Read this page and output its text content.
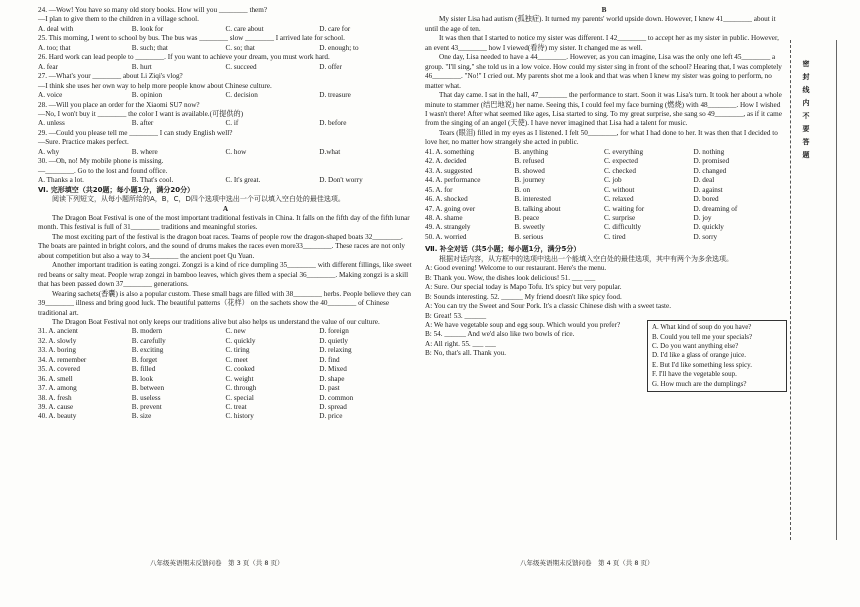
24. —Wow! You have so many old story books. How will you ________ them?

—I plan to give them to the children in a village school.

A. deal with	B. look for	C. care about	D. care for

25. This morning, I went to school by bus. The bus was ________ slow ________ I arrived late for school.

A. too; that	B. such; that	C. so; that	D. enough; to

26. Hard work can lead people to ________. If you want to achieve your dream, you must work hard.

A. fear	B. hurt	C. succeed	D. offer

27. —What's your ________ about Li Ziqi's vlog?

—I think she uses her own way to help more people know about Chinese culture.

A. voice	B. opinion	C. decision	D. treasure

28. —Will you place an order for the Xiaomi SU7 now?

—No, I won't buy it ________ the color I want is available.(可提供的)

A. unless	B. after	C. if	D. before

29. —Could you please tell me ________ I can study English well?

—Sure. Practice makes perfect.

A. why	B. where	C. how	D.what

30. —Oh, no! My mobile phone is missing.

—________. Go to the lost and found office.

A. Thanks a lot.	B. That's cool.	C. It's great.	D. Don't worry

Ⅵ. 完形填空（共20题；每小题1分，满分20分）

阅读下列短文，从每小题所给的A，B，C，D四个选项中选出一个可以填入空白处的最佳选项。

A

The Dragon Boat Festival is one of the most important traditional festivals in China. It falls on the fifth day of the fifth lunar month. This festival is full of 31________ traditions and meaningful stories.

The most exciting part of the festival is the dragon boat races. Teams of people row the dragon-shaped boats 32________. The boats are painted in bright colors, and the sound of drums makes the races even more33________. These races are not only about competition but also a way to 34________ the ancient poet Qu Yuan.

Another important tradition is eating zongzi. Zongzi is a kind of rice dumpling 35________ with different fillings, like sweet red beans or salty meat. People wrap zongzi in bamboo leaves, which gives them a special 36________. Making zongzi is a skill that has been passed down 37________ generations.

Wearing sachets(香囊) is also a popular custom. These small bags are filled with 38________ herbs. People believe they can 39________ illness and bring good luck. The beautiful patterns（花样） on the sachets show the 40________ of Chinese traditional art.

The Dragon Boat Festival not only keeps our traditions alive but also helps us understand the value of our culture.

31. A. ancient	B. modern	C. new	D. foreign
32. A. slowly	B. carefully	C. quickly	D. quietly
33. A. boring	B. exciting	C. tiring	D. relaxing
34. A. remember	B. forget	C. meet	D. find
35. A. covered	B. filled	C. cooked	D. Mixed
36. A. smell	B. look	C. weight	D. shape
37. A. among	B. between	C. through	D. past
38. A. fresh	B. useless	C. special	D. common
39. A. cause	B. prevent	C. treat	D. spread
40. A. beauty	B. size	C. history	D. price

B

My sister Lisa had autism (孤独症). It turned my parents' world upside down. However, I knew 41________ about it until the age of ten.

It was then that I started to notice my sister was different. I 42________ to accept her as my sister in public. However, an event 43________ how I viewed(看待) my sister. It changed me as well.

One day, Lisa needed to have a 44________. However, as you can imagine, Lisa was the only one left 45________ a group. "I'll sing," she told us in a low voice. How could my sister sing in front of the school? Hearing that, I was completely 46________. "No!" I cried out. My parents shot me a look and that was when I knew my sister was going to perform, no matter what.

That day came. I sat in the hall, 47________ the performance to start. Soon it was Lisa's turn. It took her about a whole minute to stammer (结巴地说) her name. Seeing this, I could feel my face burning (燃烧) with 48________. How I wished I wasn't there! After what seemed like ages, Lisa started to sing. To my great surprise, she sang so 49________, as if it came from the singing of an angel (天使). I have never imagined that Lisa had a talent for music.

Tears (眼泪) filled in my eyes as I listened. I felt 50________, for what I had done to her. It was then that I decided to love her, no matter how strangely she acted in public.

41. A. something	B. anything	C. everything	D. nothing
42. A. decided	B. refused	C. expected	D. promised
43. A. suggested	B. showed	C. checked	D. changed
44. A. performance	B. journey	C. job	D. deal
45. A. for	B. on	C. without	D. against
46. A. shocked	B. interested	C. relaxed	D. bored
47. A. going over	B. talking about	C. waiting for	D. dreaming of
48. A. shame	B. peace	C. surprise	D. joy
49. A. strangely	B. sweetly	C. difficultly	D. quickly
50. A. worried	B. serious	C. tired	D. sorry

Ⅶ. 补全对话（共5小题；每小题1分，满分5分）

根据对话内容，从方框中的选项中选出一个能填入空白处的最佳选项，其中有两个为多余选项。

A: Good evening! Welcome to our restaurant. Here's the menu.

B: Thank you. Wow, the dishes look delicious! 51. ___ ___

A: Sure. Our special today is Mapo Tofu. It's spicy but very popular.

B: Sounds interesting. 52. ______ My friend doesn't like spicy food.

A: You can try the Sweet and Sour Pork. It's a classic Chinese dish with a sweet taste.

B: Great! 53. ______

A: We have vegetable soup and egg soup. Which would you prefer?

B: 54. ______ And we'd also like two bowls of rice.

A: All right. 55. ___ ___

B: No, that's all. Thank you.

A. What kind of soup do you have?

B. Could you tell me your specials?

C. Do you want anything else?

D. I'd like a glass of orange juice.

E. But I'd like something less spicy.

F. I'll have the vegetable soup.

G. How much are the dumplings?

八年级英语期末反馈问卷　第 3 页（共 8 页）	八年级英语期末反馈问卷　第 4 页（共 8 页）
密封线内不要答题
